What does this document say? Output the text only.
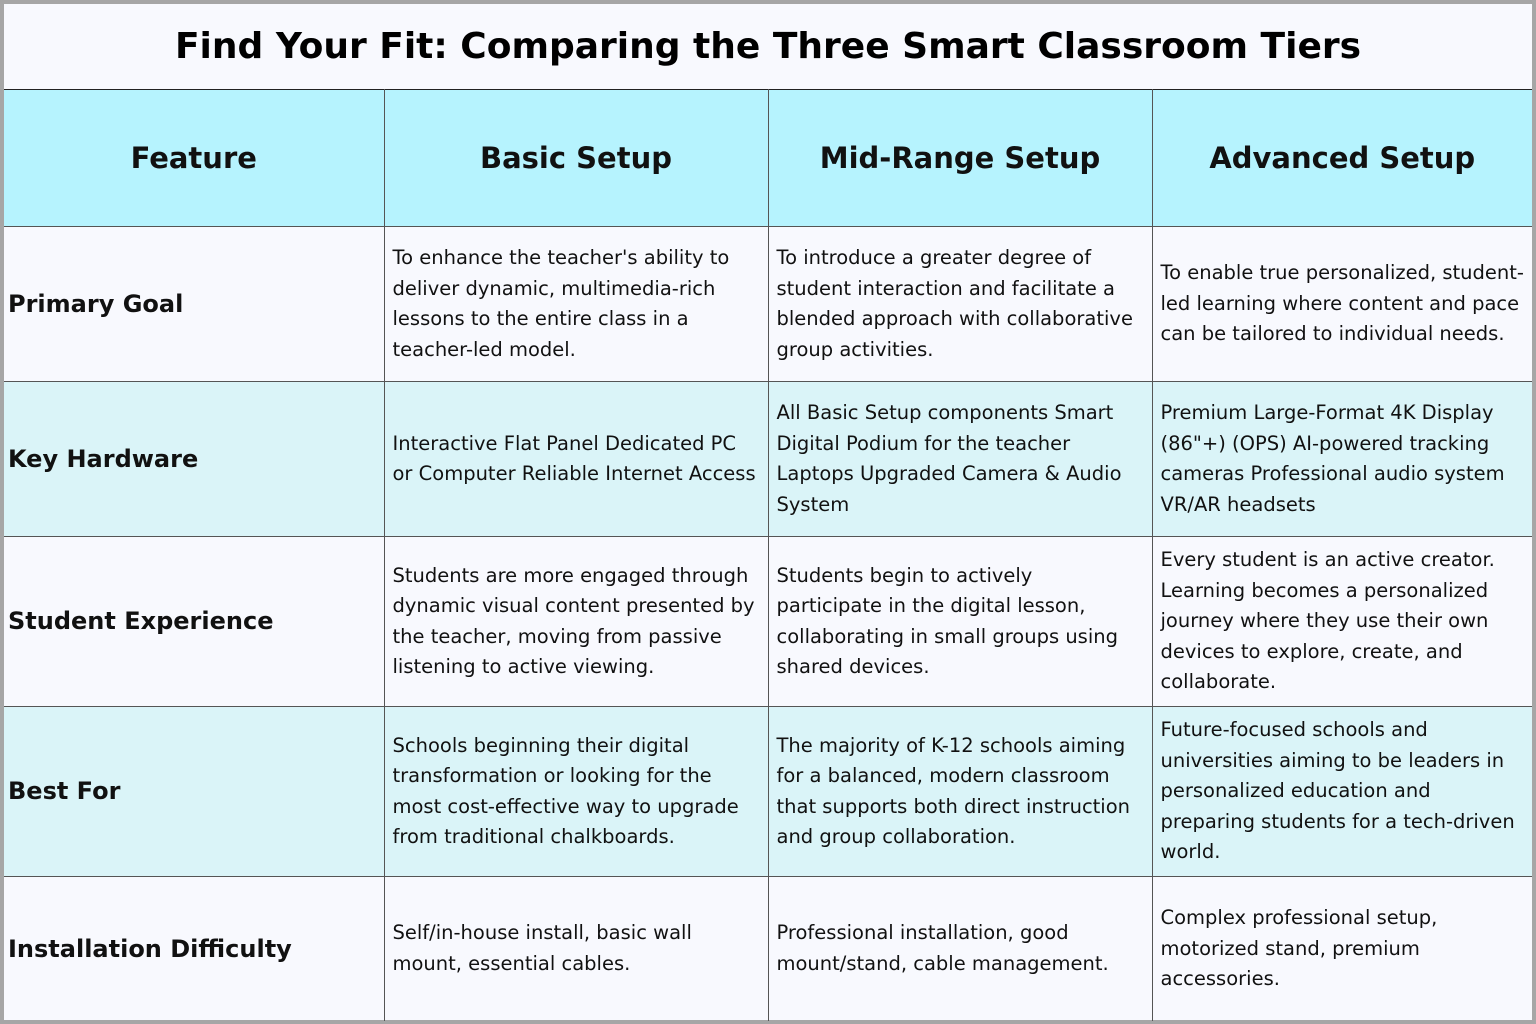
Find Your Fit: Comparing the Three Smart Classroom Tiers
Feature	Basic Setup	Mid-Range Setup	Advanced Setup
Primary Goal	To enhance the teacher's ability to deliver dynamic, multimedia-rich lessons to the entire class in a teacher-led model.	To introduce a greater degree of student interaction and facilitate a blended approach with collaborative group activities.	To enable true personalized, student-led learning where content and pace can be tailored to individual needs.
Key Hardware	Interactive Flat Panel Dedicated PC or Computer Reliable Internet Access	All Basic Setup components Smart Digital Podium for the teacher Laptops Upgraded Camera & Audio System	Premium Large-Format 4K Display (86"+) (OPS) AI-powered tracking cameras Professional audio system VR/AR headsets
Student Experience	Students are more engaged through dynamic visual content presented by the teacher, moving from passive listening to active viewing.	Students begin to actively participate in the digital lesson, collaborating in small groups using shared devices.	Every student is an active creator. Learning becomes a personalized journey where they use their own devices to explore, create, and collaborate.
Best For	Schools beginning their digital transformation or looking for the most cost-effective way to upgrade from traditional chalkboards.	The majority of K-12 schools aiming for a balanced, modern classroom that supports both direct instruction and group collaboration.	Future-focused schools and universities aiming to be leaders in personalized education and preparing students for a tech-driven world.
Installation Difficulty	Self/in-house install, basic wall mount, essential cables.	Professional installation, good mount/stand, cable management.	Complex professional setup, motorized stand, premium accessories.
